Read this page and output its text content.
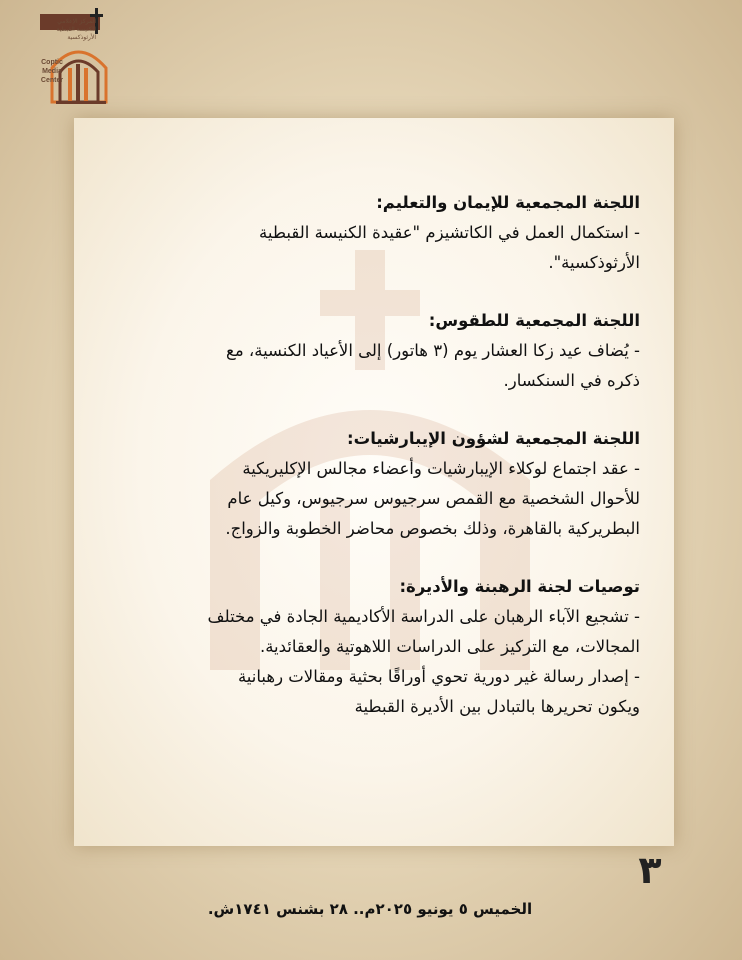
المركز الإعلامي للكنيسة القبطية الأرثوذكسية
Coptic
Media
Center
اللجنة المجمعية للإيمان والتعليم:
- استكمال العمل في الكاتشيزم "عقيدة الكنيسة القبطية
الأرثوذكسية".
اللجنة المجمعية للطقوس:
- يُضاف عيد زكا العشار يوم (٣ هاتور) إلى الأعياد الكنسية، مع
ذكره في السنكسار.
اللجنة المجمعية لشؤون الإيبارشيات:
- عقد اجتماع لوكلاء الإيبارشيات وأعضاء مجالس الإكليريكية
للأحوال الشخصية مع القمص سرجيوس سرجيوس، وكيل عام
البطريركية بالقاهرة، وذلك بخصوص محاضر الخطوبة والزواج.
توصيات لجنة الرهبنة والأديرة:
- تشجيع الآباء الرهبان على الدراسة الأكاديمية الجادة في مختلف
المجالات، مع التركيز على الدراسات اللاهوتية والعقائدية.
- إصدار رسالة غير دورية تحوي أوراقًا بحثية ومقالات رهبانية
ويكون تحريرها بالتبادل بين الأديرة القبطية
٣
الخميس ٥ يونيو ٢٠٢٥م.. ٢٨ بشنس ١٧٤١ش.
